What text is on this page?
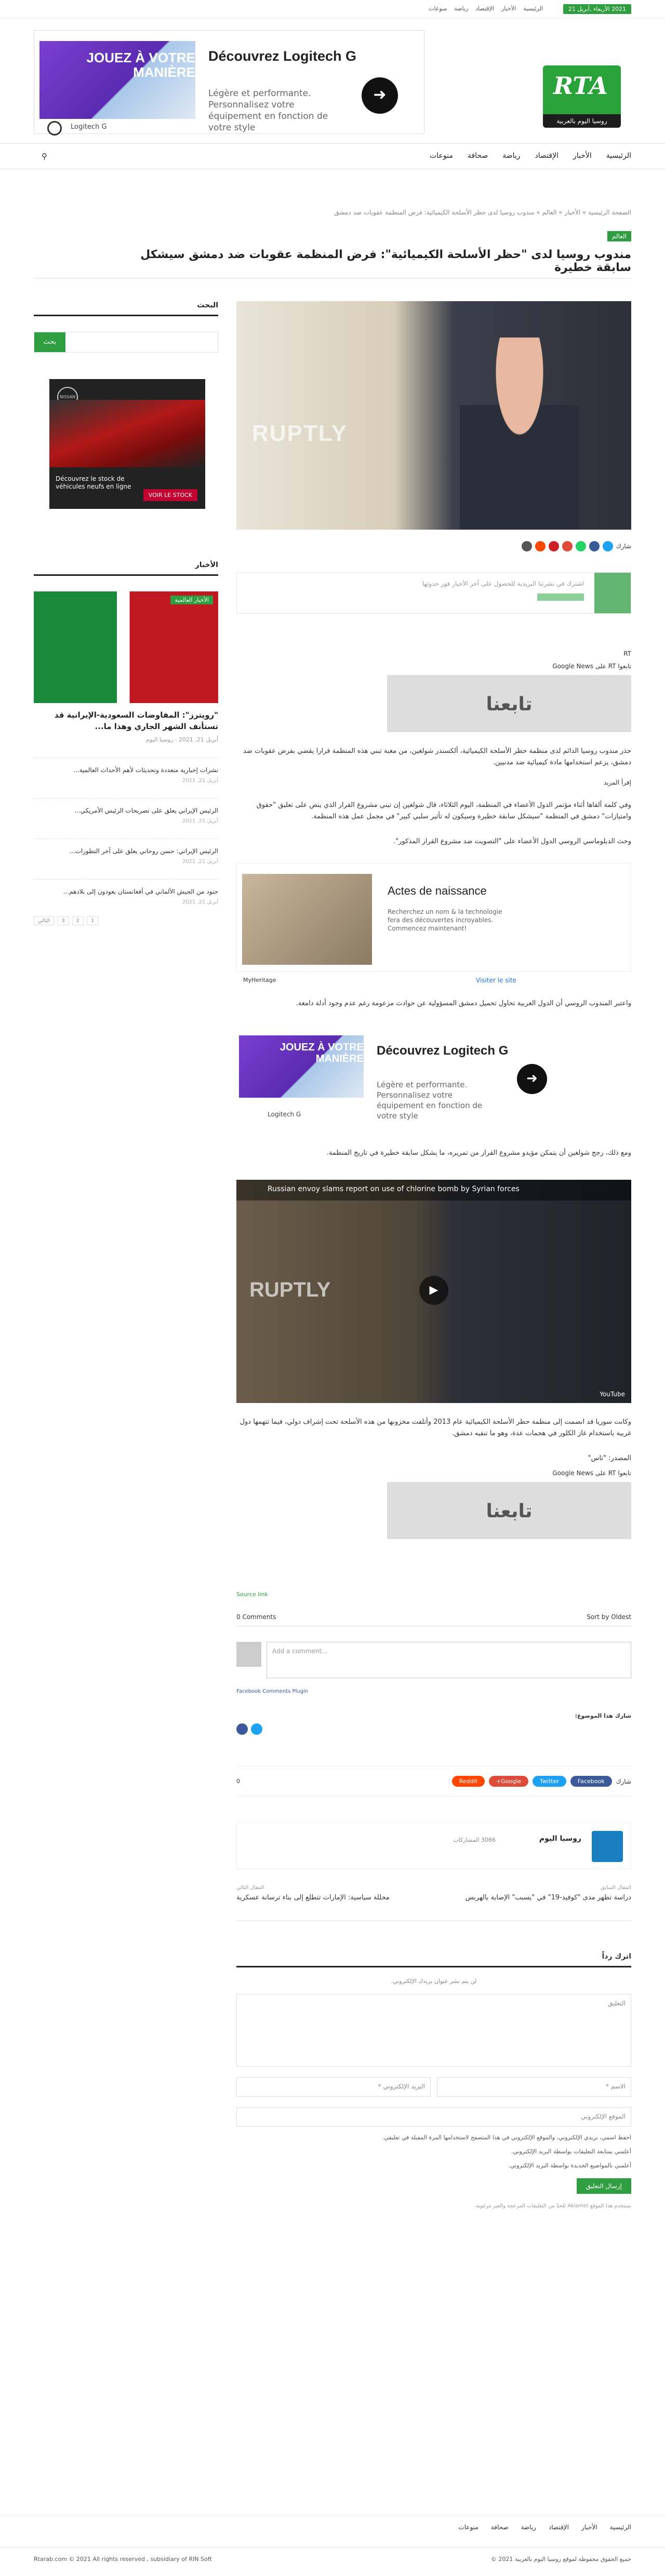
2021 الأربعاء ,أبريل 21
الرئيسية
الأخبار
الإقتصاد
رياضة
منوعات
JOUEZ À VOTRE MANIÈRE
Découvrez Logitech G

Légère et performante. Personnalisez votre équipement en fonction de votre style

➜
Logitech G
RTA
روسيا اليوم بالعربية
الرئيسية
الأخبار
الإقتصاد
رياضة
صحافة
منوعات
⚲
الصفحة الرئيسية » الأخبار » العالم » مندوب روسيا لدى حظر الأسلحة الكيميائية: فرض المنظمة عقوبات ضد دمشق
العالم
مندوب روسيا لدى "حظر الأسلحة الكيميائية": فرض المنظمة عقوبات ضد دمشق سيشكل سابقة خطيرة
البحث
بحث
NISSAN
Découvrez le stock de véhicules neufs en ligne
VOIR LE STOCK
الأخبار
الأخبار العالمية
"رويترز": المفاوضات السعودية-الإيرانية قد تستأنف الشهر الجاري وهذا ما...
أبريل 21, 2021 · روسيا اليوم
نشرات إخبارية متعددة وتحديثات لأهم الأحداث العالمية...
أبريل 21, 2021
الرئيس الإيراني يعلق على تصريحات الرئيس الأمريكي...
أبريل 21, 2021
الرئيس الإيراني: حسن روحاني يعلق على آخر التطورات...
أبريل 21, 2021
جنود من الجيش الألماني في أفغانستان يعودون إلى بلادهم...
أبريل 21, 2021
1
2
3
التالي
RUPTLY
شارك
اشترك في نشرتنا البريدية للحصول على آخر الأخبار فور حدوثها
RT
تابعوا RT على Google News
تابعنا

حذر مندوب روسيا الدائم لدى منظمة حظر الأسلحة الكيميائية، ألكسندر شولغين، من مغبة تبني هذه المنظمة قرارا يقضي بفرض عقوبات ضد دمشق، يزعم استخدامها مادة كيميائية ضد مدنيين.

إقرأ المزيد

وفي كلمة ألقاها أثناء مؤتمر الدول الأعضاء في المنظمة، اليوم الثلاثاء، قال شولغين إن تبني مشروع القرار الذي ينص على تعليق "حقوق وامتيازات" دمشق في المنظمة "سيشكل سابقة خطيرة وسيكون له تأثير سلبي كبير" في مجمل عمل هذه المنظمة.

وحث الدبلوماسي الروسي الدول الأعضاء على "التصويت ضد مشروع القرار المذكور".

Actes de naissance

Recherchez un nom & la technologie fera des découvertes incroyables. Commencez maintenant!

MyHeritage	Visiter le site

واعتبر المندوب الروسي أن الدول الغربية تحاول تحميل دمشق المسؤولية عن حوادث مزعومة رغم عدم وجود أدلة دامغة.

JOUEZ À VOTRE MANIÈRE
Découvrez Logitech G

Légère et performante. Personnalisez votre équipement en fonction de votre style

➜
Logitech G

ومع ذلك، رجح شولغين أن يتمكن مؤيدو مشروع القرار من تمريره، ما يشكل سابقة خطيرة في تاريخ المنظمة.

Russian envoy slams report on use of chlorine bomb by Syrian forces
RUPTLY	▶
YouTube

وكانت سوريا قد انضمت إلى منظمة حظر الأسلحة الكيميائية عام 2013 وأتلفت مخزونها من هذه الأسلحة تحت إشراف دولي، فيما تتهمها دول غربية باستخدام غاز الكلور في هجمات عدة، وهو ما تنفيه دمشق.

المصدر: "تاس"

تابعوا RT على Google News
تابعنا
Source link
0 Comments	Sort by Oldest
Add a comment...
Facebook Comments Plugin
شارك هذا الموضوع:
شارك
Facebook
Twitter
Google+
Reddit
0
روسيا اليوم
3066 المشاركات
المقال السابق
دراسة تظهر مدى "كوفيد-19" في "يسبب" الإصابة بالهربس
المقال التالي
محللة سياسية: الإمارات تتطلع إلى بناء ترسانة عسكرية
اترك رداً
لن يتم نشر عنوان بريدك الإلكتروني.
التعليق
الاسم *
البريد الإلكتروني *
الموقع الإلكتروني
احفظ اسمي، بريدي الإلكتروني، والموقع الإلكتروني في هذا المتصفح لاستخدامها المرة المقبلة في تعليقي.
أعلمني بمتابعة التعليقات بواسطة البريد الإلكتروني.
أعلمني بالمواضيع الجديدة بواسطة البريد الإلكتروني.
إرسال التعليق
يستخدم هذا الموقع Akismet للحدّ من التعليقات المزعجة والغير مرغوبة.
الرئيسية
الأخبار
الإقتصاد
رياضة
صحافة
منوعات
Rtarab.com © 2021 All rights reserved , subsidiary of RIN Soft	جميع الحقوق محفوظة لموقع روسيا اليوم بالعربية 2021 ©
